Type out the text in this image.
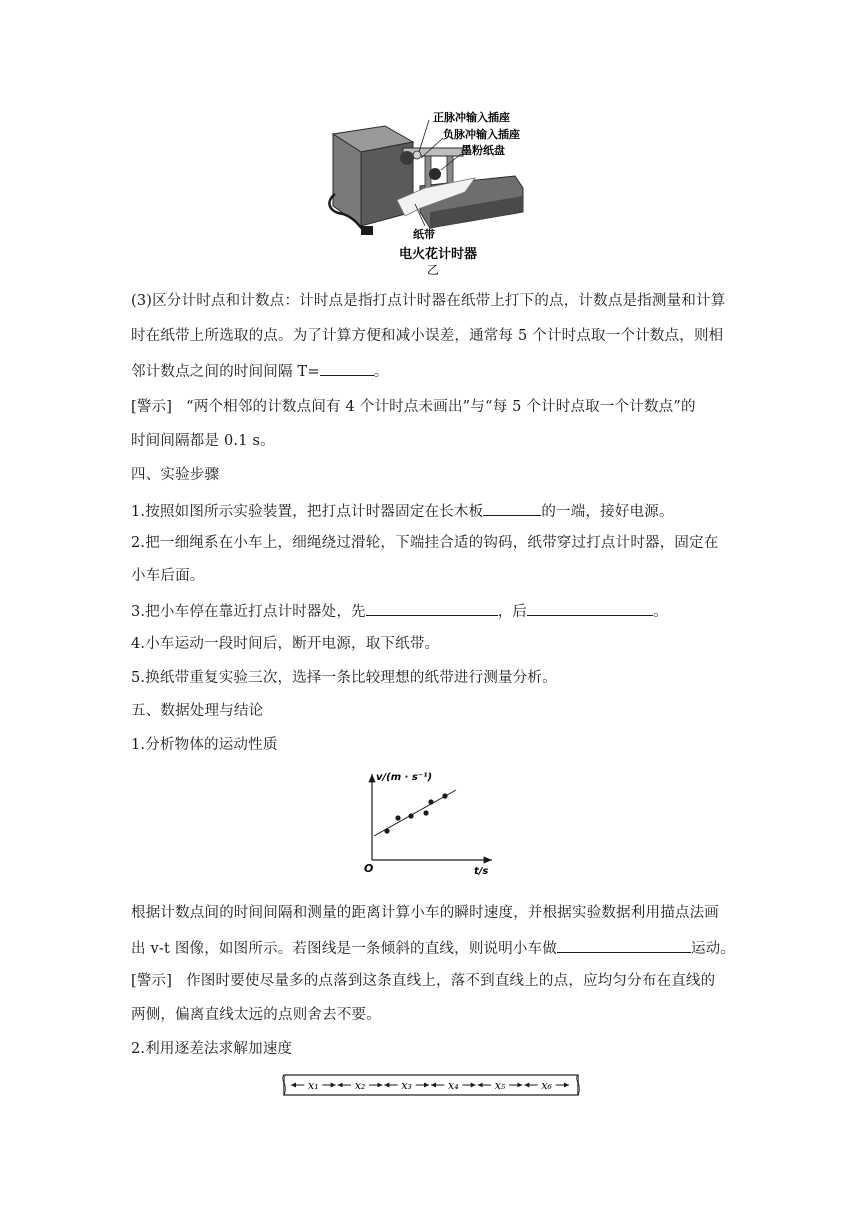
正脉冲输入插座
负脉冲输入插座
墨粉纸盘
纸带
电火花计时器
乙
(3)区分计时点和计数点：计时点是指打点计时器在纸带上打下的点，计数点是指测量和计算
时在纸带上所选取的点。为了计算方便和减小误差，通常每 5 个计时点取一个计数点，则相
邻计数点之间的时间间隔 T=	。
[警示] “两个相邻的计数点间有 4 个计时点未画出”与“每 5 个计时点取一个计数点”的
时间间隔都是 0.1 s。
四、实验步骤
1.按照如图所示实验装置，把打点计时器固定在长木板	的一端，接好电源。
2.把一细绳系在小车上，细绳绕过滑轮，下端挂合适的钩码，纸带穿过打点计时器，固定在
小车后面。
3.把小车停在靠近打点计时器处，先	，后	。
4.小车运动一段时间后，断开电源，取下纸带。
5.换纸带重复实验三次，选择一条比较理想的纸带进行测量分析。
五、数据处理与结论
1.分析物体的运动性质
v/(m · s⁻¹)
t/s
O
根据计数点间的时间间隔和测量的距离计算小车的瞬时速度，并根据实验数据利用描点法画
出 v-t 图像，如图所示。若图线是一条倾斜的直线，则说明小车做	运动。
[警示] 作图时要使尽量多的点落到这条直线上，落不到直线上的点，应均匀分布在直线的
两侧，偏离直线太远的点则舍去不要。
2.利用逐差法求解加速度
x₁	x₂	x₃	x₄	x₅	x₆
